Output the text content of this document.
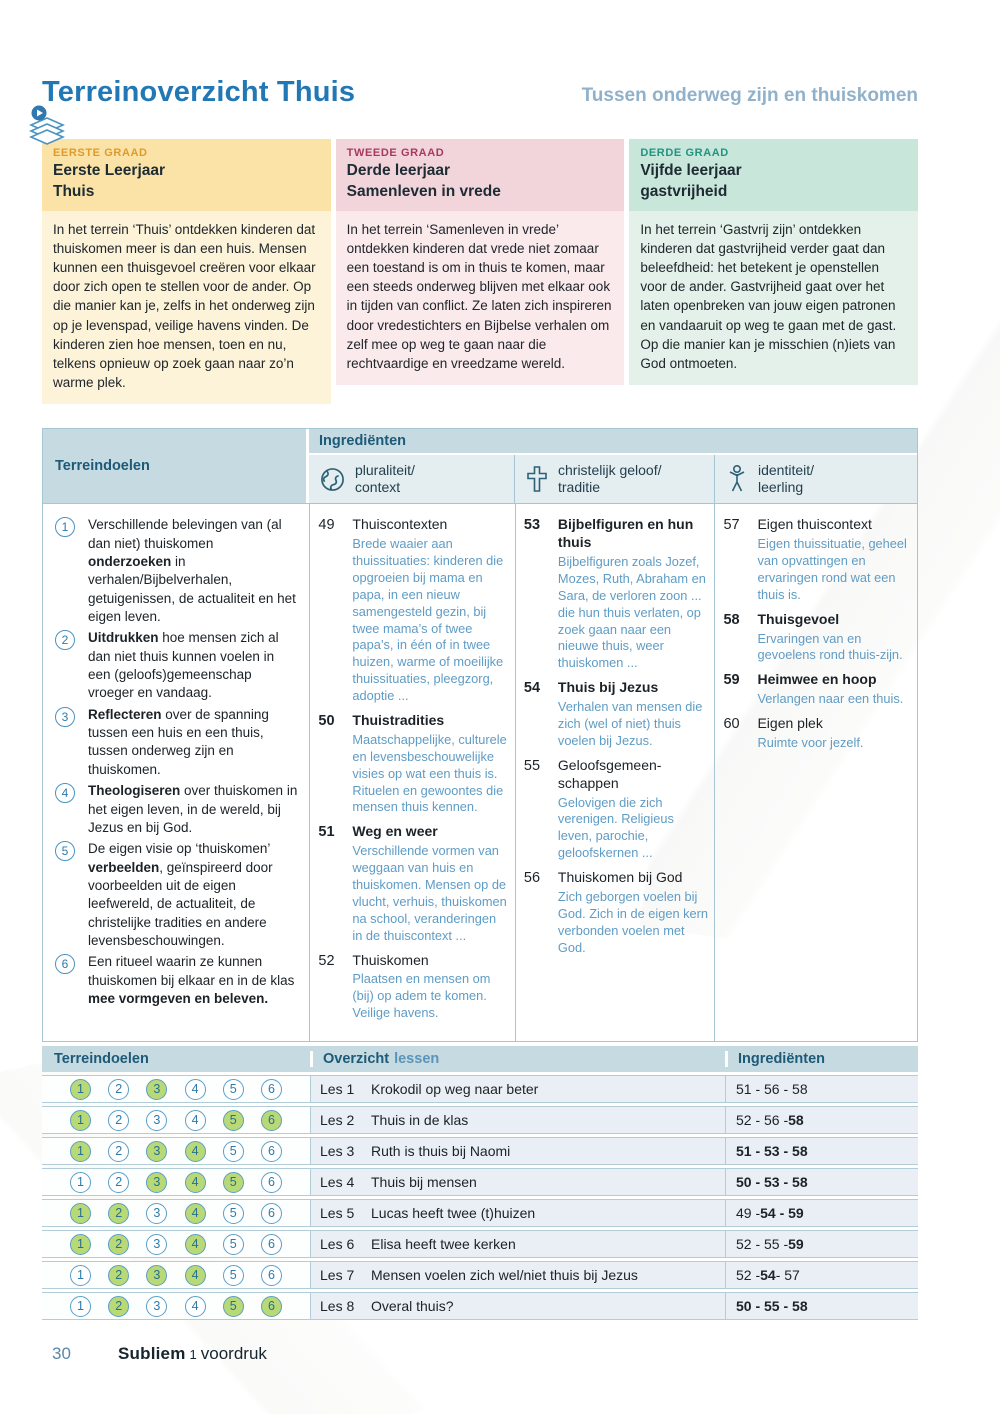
Terreinoverzicht Thuis	Tussen onderweg zijn en thuiskomen
EERSTE GRAAD
Eerste Leerjaar
Thuis
In het terrein ‘Thuis’ ontdekken kinderen dat thuiskomen meer is dan een huis. Mensen kunnen een thuisgevoel creëren voor elkaar door zich open te stellen voor de ander. Op die manier kan je, zelfs in het onderweg zijn op je levenspad, veilige havens vinden. De kinderen zien hoe mensen, toen en nu, telkens opnieuw op zoek gaan naar zo’n warme plek.
TWEEDE GRAAD
Derde leerjaar
Samenleven in vrede
In het terrein ‘Samenleven in vrede’ ontdekken kinderen dat vrede niet zomaar een toestand is om in thuis te komen, maar een steeds onderweg blijven met elkaar ook in tijden van conflict. Ze laten zich inspireren door vredestichters en Bijbelse verhalen om zelf mee op weg te gaan naar die rechtvaardige en vreedzame wereld.
DERDE GRAAD
Vijfde leerjaar
gastvrijheid
In het terrein ‘Gastvrij zijn’ ontdekken kinderen dat gastvrijheid verder gaat dan beleefdheid: het betekent je openstellen voor de ander. Gastvrijheid gaat over het laten openbreken van jouw eigen patronen en vandaaruit op weg te gaan met de gast. Op die manier kan je misschien (n)iets van God ontmoeten.
Terreindoelen
Ingrediënten
pluraliteit/
context
christelijk geloof/
traditie
identiteit/
leerling
1	Verschillende belevingen van (al dan niet) thuiskomen onderzoeken in verhalen/Bijbelverhalen, getuigenissen, de actualiteit en het eigen leven.
2	Uitdrukken hoe mensen zich al dan niet thuis kunnen voelen in een (geloofs)gemeenschap vroeger en vandaag.
3	Reflecteren over de spanning tussen een huis en een thuis, tussen onderweg zijn en thuiskomen.
4	Theologiseren over thuiskomen in het eigen leven, in de wereld, bij Jezus en bij God.
5	De eigen visie op ‘thuiskomen’ verbeelden, geïnspireerd door voorbeelden uit de eigen leefwereld, de actualiteit, de christelijke tradities en andere levensbeschouwingen.
6	Een ritueel waarin ze kunnen thuiskomen bij elkaar en in de klas mee vormgeven en beleven.
49	Thuiscontexten
Brede waaier aan thuissituaties: kinderen die opgroeien bij mama en papa, in een nieuw samengesteld gezin, bij twee mama’s of twee papa’s, in één of in twee huizen, warme of moeilijke thuissituaties, pleegzorg, adoptie ...
50	Thuistradities
Maatschappelijke, culturele en levensbeschouwelijke visies op wat een thuis is. Rituelen en gewoontes die mensen thuis kennen.
51	Weg en weer
Verschillende vormen van weggaan van huis en thuiskomen. Mensen op de vlucht, verhuis, thuiskomen na school, veranderingen in de thuiscontext ...
52	Thuiskomen
Plaatsen en mensen om (bij) op adem te komen. Veilige havens.
53	Bijbelfiguren en hun thuis
Bijbelfiguren zoals Jozef, Mozes, Ruth, Abraham en Sara, de verloren zoon ... die hun thuis verlaten, op zoek gaan naar een nieuwe thuis, weer thuiskomen ...
54	Thuis bij Jezus
Verhalen van mensen die zich (wel of niet) thuis voelen bij Jezus.
55	Geloofsgemeen-schappen
Gelovigen die zich verenigen. Religieus leven, parochie, geloofskernen ...
56	Thuiskomen bij God
Zich geborgen voelen bij God. Zich in de eigen kern verbonden voelen met God.
57	Eigen thuiscontext
Eigen thuissituatie, geheel van opvattingen en ervaringen rond wat een thuis is.
58	Thuisgevoel
Ervaringen van en gevoelens rond thuis-zijn.
59	Heimwee en hoop
Verlangen naar een thuis.
60	Eigen plek
Ruimte voor jezelf.
Terreindoelen	Overzicht lessen	Ingrediënten
1	2	3	4	5	6	Les 1	Krokodil op weg naar beter	51 - 56 - 58
1	2	3	4	5	6	Les 2	Thuis in de klas	52 - 56 - 58
1	2	3	4	5	6	Les 3	Ruth is thuis bij Naomi	51 - 53 - 58
1	2	3	4	5	6	Les 4	Thuis bij mensen	50 - 53 - 58
1	2	3	4	5	6	Les 5	Lucas heeft twee (t)huizen	49 - 54 - 59
1	2	3	4	5	6	Les 6	Elisa heeft twee kerken	52 - 55 - 59
1	2	3	4	5	6	Les 7	Mensen voelen zich wel/niet thuis bij Jezus	52 - 54 - 57
1	2	3	4	5	6	Les 8	Overal thuis?	50 - 55 - 58
30	Subliem 1 voordruk
